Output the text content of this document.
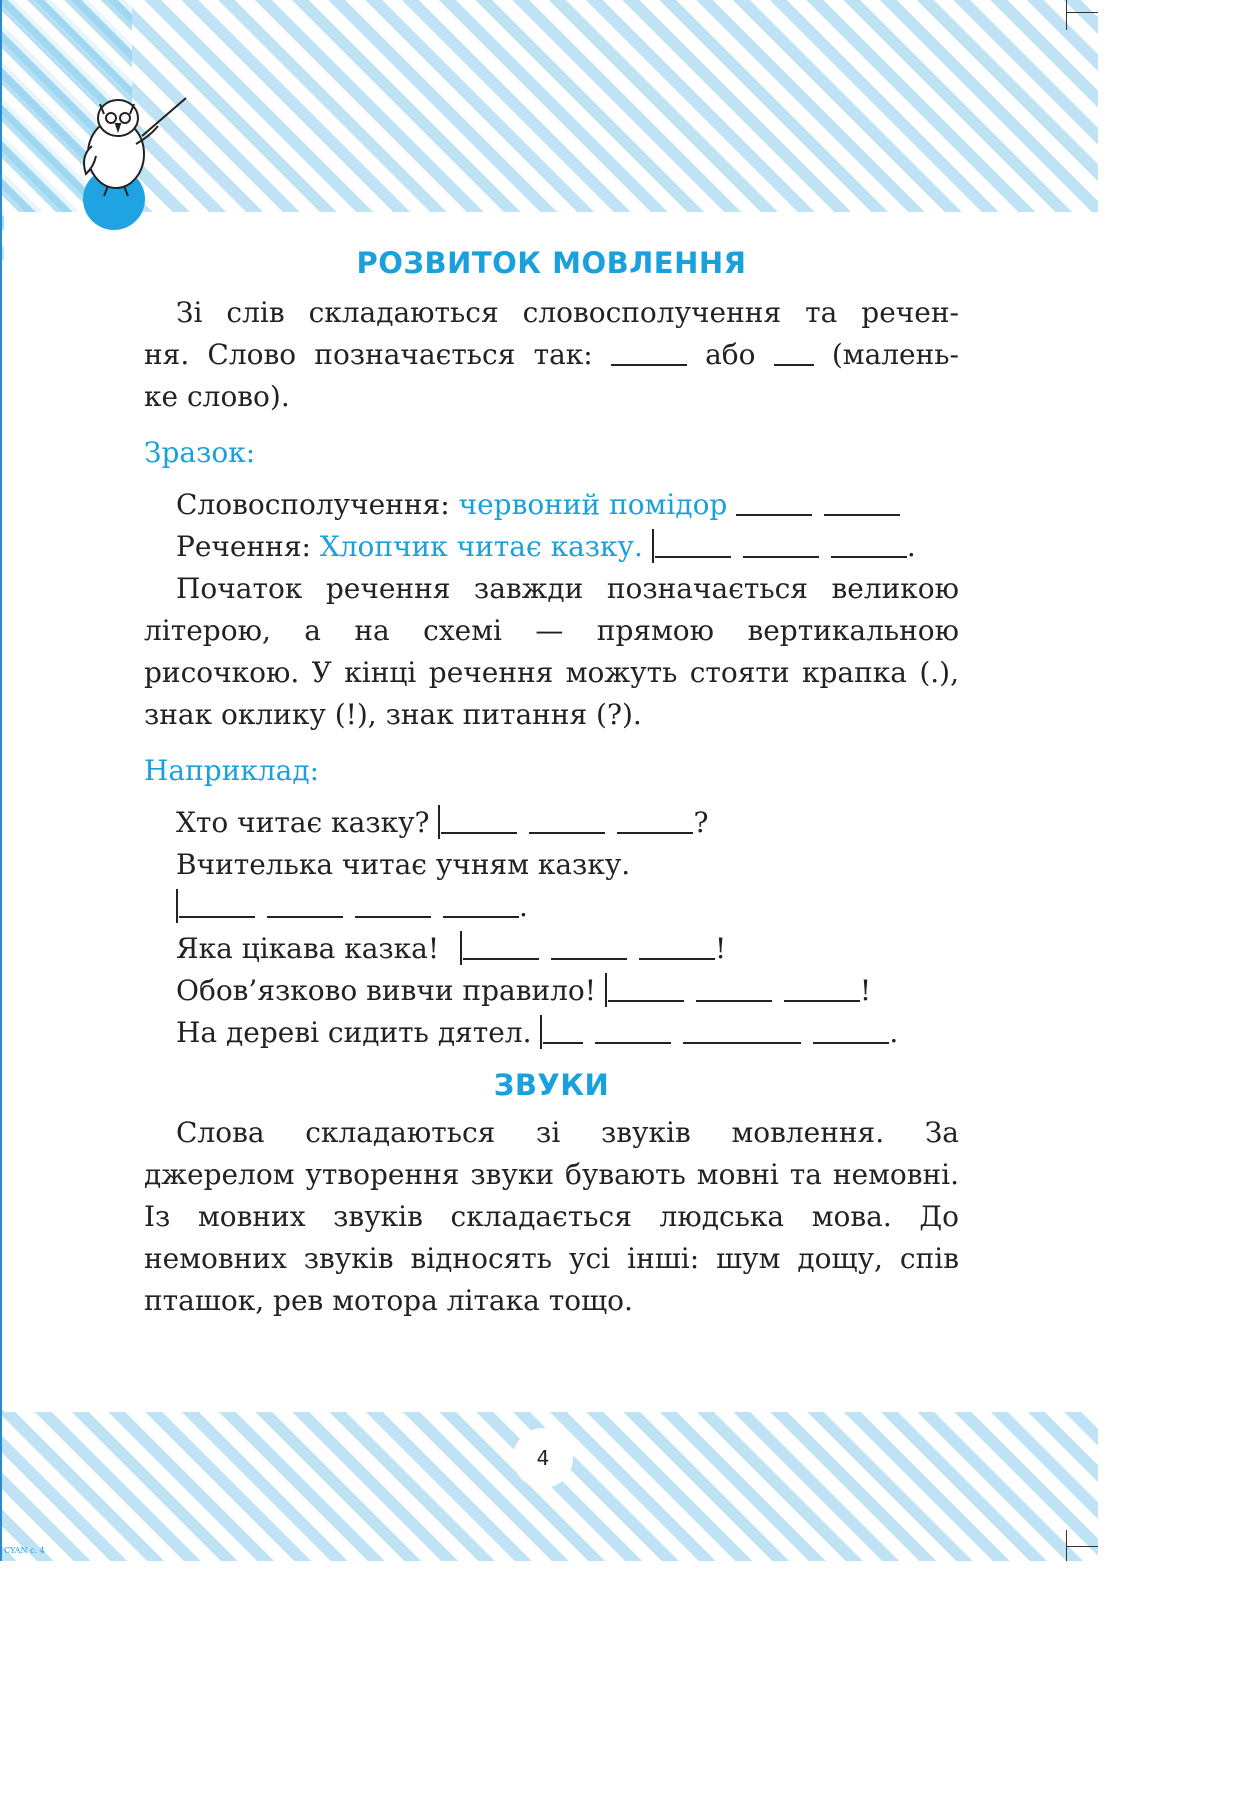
РОЗВИТОК МОВЛЕННЯ

Зі слів складаються словосполучення та речен-
ня. Слово позначається так:	або	(малень-
ке слово).

Зразок:

Словосполучення: червоний помідор

Речення: Хлопчик читає казку.	.

Початок речення завжди позначається великою літерою, а на схемі — прямою вертикальною рисочкою. У кінці речення можуть стояти крапка (.), знак оклику (!), знак питання (?).

Наприклад:

Хто читає казку?	?

Вчителька читає учням казку.

.

Яка цікава казка!	!

Обов’язково вивчи правило!	!

На дереві сидить дятел.	.

ЗВУКИ

Слова складаються зі звуків мовлення. За джерелом утворення звуки бувають мовні та немовні. Із мовних звуків складається людська мова. До немовних звуків відносять усі інші: шум дощу, спів пташок, рев мотора літака тощо.

4
CYAN с. 4
